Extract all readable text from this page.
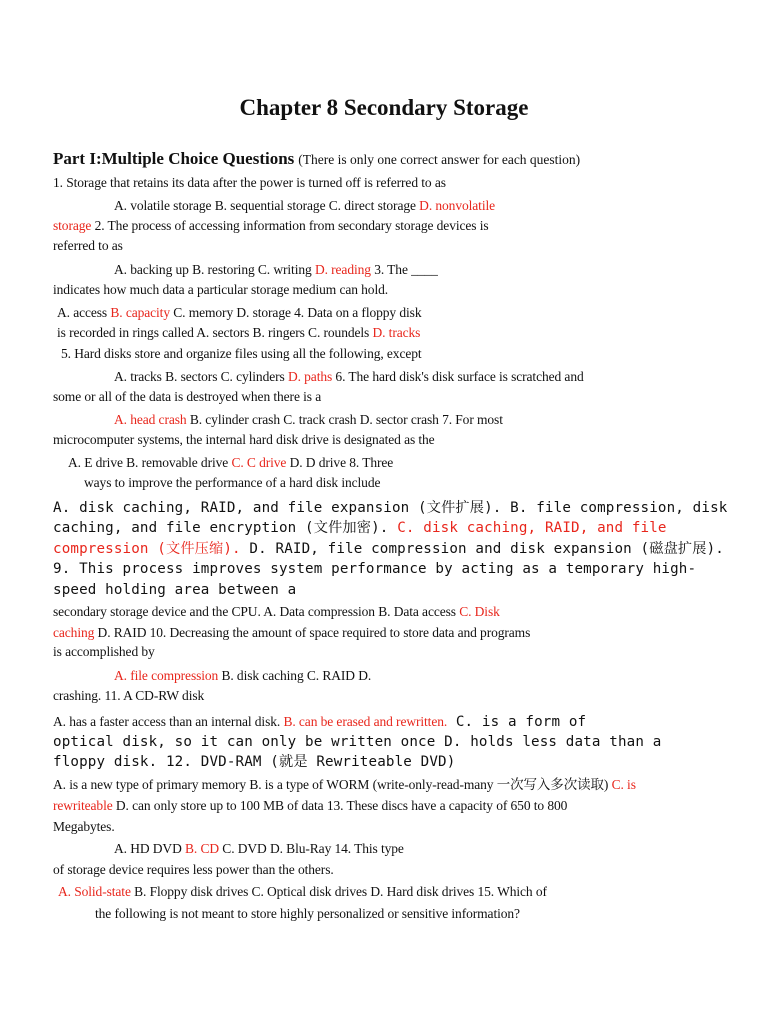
Chapter 8 Secondary Storage
Part I:Multiple Choice Questions (There is only one correct answer for each question)
1. Storage that retains its data after the power is turned off is referred to as
A. volatile storage B. sequential storage C. direct storage D. nonvolatile
storage 2. The process of accessing information from secondary storage devices is
referred to as
A. backing up B. restoring C. writing D. reading 3. The ____
indicates how much data a particular storage medium can hold.
A. access B. capacity C. memory D. storage 4. Data on a floppy disk
is recorded in rings called A. sectors B. ringers C. roundels D. tracks
5. Hard disks store and organize files using all the following, except
A. tracks B. sectors C. cylinders D. paths 6. The hard disk's disk surface is scratched and
some or all of the data is destroyed when there is a
A. head crash B. cylinder crash C. track crash D. sector crash 7. For most
microcomputer systems, the internal hard disk drive is designated as the
A. E drive B. removable drive C. C drive D. D drive 8. Three
ways to improve the performance of a hard disk include
A. disk caching, RAID, and file expansion (文件扩展). B. file compression, disk
caching, and file encryption (文件加密). C. disk caching, RAID, and file
compression (文件压缩). D. RAID, file compression and disk expansion (磁盘扩展).
9. This process improves system performance by acting as a temporary high-
speed holding area between a
secondary storage device and the CPU. A. Data compression B. Data access C. Disk
caching D. RAID 10. Decreasing the amount of space required to store data and programs
is accomplished by
A. file compression B. disk caching C. RAID D.
crashing. 11. A CD-RW disk
A. has a faster access than an internal disk. B. can be erased and rewritten. C. is a form of
optical disk, so it can only be written once D. holds less data than a
floppy disk. 12. DVD-RAM (就是 Rewriteable DVD)
A. is a new type of primary memory B. is a type of WORM (write-only-read-many 一次写入多次读取) C. is
rewriteable D. can only store up to 100 MB of data 13. These discs have a capacity of 650 to 800
Megabytes.
A. HD DVD B. CD C. DVD D. Blu-Ray 14. This type
of storage device requires less power than the others.
A. Solid-state B. Floppy disk drives C. Optical disk drives D. Hard disk drives 15. Which of
the following is not meant to store highly personalized or sensitive information?
